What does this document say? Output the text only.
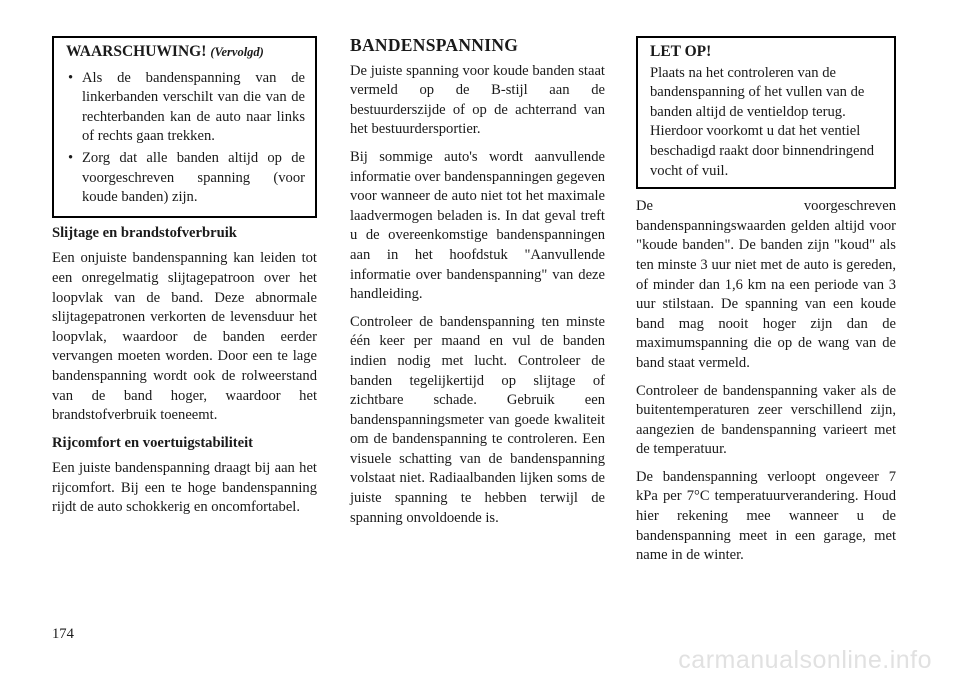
WAARSCHUWING! (Vervolgd)
• Als de bandenspanning van de linkerbanden verschilt van die van de rechterbanden kan de auto naar links of rechts gaan trekken.
• Zorg dat alle banden altijd op de voorgeschreven spanning (voor koude banden) zijn.
Slijtage en brandstofverbruik

Een onjuiste bandenspanning kan leiden tot een onregelmatig slijtagepatroon over het loopvlak van de band. Deze abnormale slijtagepatronen verkorten de levensduur het loopvlak, waardoor de banden eerder vervangen moeten worden. Door een te lage bandenspanning wordt ook de rolweerstand van de band hoger, waardoor het brandstofverbruik toeneemt.

Rijcomfort en voertuigstabiliteit

Een juiste bandenspanning draagt bij aan het rijcomfort. Bij een te hoge bandenspanning rijdt de auto schokkerig en oncomfortabel.

BANDENSPANNING

De juiste spanning voor koude banden staat vermeld op de B-stijl aan de bestuurderszijde of op de achterrand van het bestuurdersportier.

Bij sommige auto's wordt aanvullende informatie over bandenspanningen gegeven voor wanneer de auto niet tot het maximale laadvermogen beladen is. In dat geval treft u de overeenkomstige bandenspanningen aan in het hoofdstuk "Aanvullende informatie over bandenspanning" van deze handleiding.

Controleer de bandenspanning ten minste één keer per maand en vul de banden indien nodig met lucht. Controleer de banden tegelijkertijd op slijtage of zichtbare schade. Gebruik een bandenspanningsmeter van goede kwaliteit om de bandenspanning te controleren. Een visuele schatting van de bandenspanning volstaat niet. Radiaalbanden lijken soms de juiste spanning te hebben terwijl de spanning onvoldoende is.

LET OP!

Plaats na het controleren van de bandenspanning of het vullen van de banden altijd de ventieldop terug. Hierdoor voorkomt u dat het ventiel beschadigd raakt door binnendringend vocht of vuil.

De voorgeschreven bandenspanningswaarden gelden altijd voor "koude banden". De banden zijn "koud" als ten minste 3 uur niet met de auto is gereden, of minder dan 1,6 km na een periode van 3 uur stilstaan. De spanning van een koude band mag nooit hoger zijn dan de maximumspanning die op de wang van de band staat vermeld.

Controleer de bandenspanning vaker als de buitentemperaturen zeer verschillend zijn, aangezien de bandenspanning varieert met de temperatuur.

De bandenspanning verloopt ongeveer 7 kPa per 7°C temperatuurverandering. Houd hier rekening mee wanneer u de bandenspanning meet in een garage, met name in de winter.

174
carmanualsonline.info
